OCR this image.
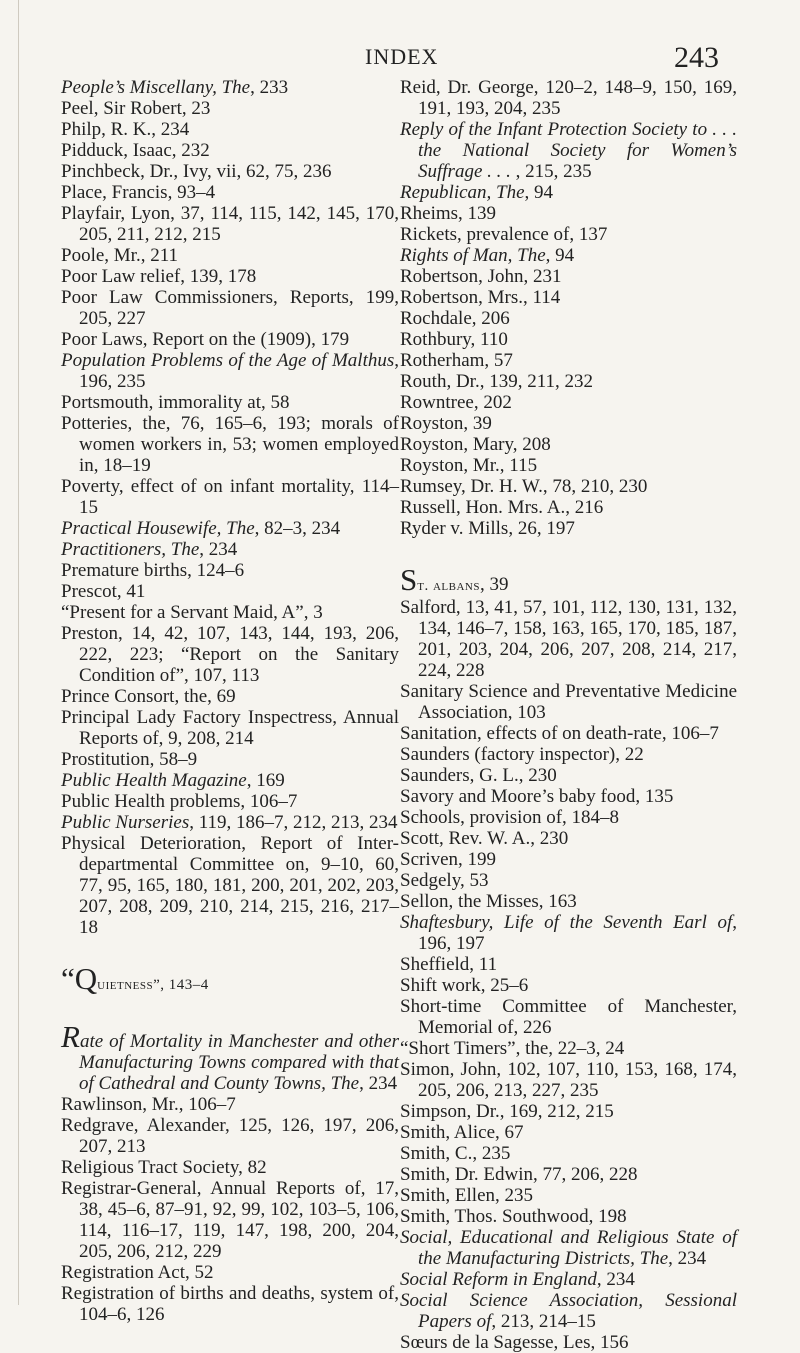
INDEX	243
People’s Miscellany, The, 233
Peel, Sir Robert, 23
Philp, R. K., 234
Pidduck, Isaac, 232
Pinchbeck, Dr., Ivy, vii, 62, 75, 236
Place, Francis, 93–4
Playfair, Lyon, 37, 114, 115, 142, 145, 170, 205, 211, 212, 215
Poole, Mr., 211
Poor Law relief, 139, 178
Poor Law Commissioners, Reports, 199, 205, 227
Poor Laws, Report on the (1909), 179
Population Problems of the Age of Malthus, 196, 235
Portsmouth, immorality at, 58
Potteries, the, 76, 165–6, 193; morals of women workers in, 53; women employed in, 18–19
Poverty, effect of on infant mortality, 114–15
Practical Housewife, The, 82–3, 234
Practitioners, The, 234
Premature births, 124–6
Prescot, 41
“Present for a Servant Maid, A”, 3
Preston, 14, 42, 107, 143, 144, 193, 206, 222, 223; “Report on the Sanitary Condition of”, 107, 113
Prince Consort, the, 69
Principal Lady Factory Inspectress, Annual Reports of, 9, 208, 214
Prostitution, 58–9
Public Health Magazine, 169
Public Health problems, 106–7
Public Nurseries, 119, 186–7, 212, 213, 234
Physical Deterioration, Report of Inter-departmental Committee on, 9–10, 60, 77, 95, 165, 180, 181, 200, 201, 202, 203, 207, 208, 209, 210, 214, 215, 216, 217–18
“Quietness”, 143–4
Rate of Mortality in Manchester and other Manufacturing Towns compared with that of Cathedral and County Towns, The, 234
Rawlinson, Mr., 106–7
Redgrave, Alexander, 125, 126, 197, 206, 207, 213
Religious Tract Society, 82
Registrar-General, Annual Reports of, 17, 38, 45–6, 87–91, 92, 99, 102, 103–5, 106, 114, 116–17, 119, 147, 198, 200, 204, 205, 206, 212, 229
Registration Act, 52
Registration of births and deaths, system of, 104–6, 126
Reid, Dr. George, 120–2, 148–9, 150, 169, 191, 193, 204, 235
Reply of the Infant Protection Society to . . . the National Society for Women’s Suffrage . . . , 215, 235
Republican, The, 94
Rheims, 139
Rickets, prevalence of, 137
Rights of Man, The, 94
Robertson, John, 231
Robertson, Mrs., 114
Rochdale, 206
Rothbury, 110
Rotherham, 57
Routh, Dr., 139, 211, 232
Rowntree, 202
Royston, 39
Royston, Mary, 208
Royston, Mr., 115
Rumsey, Dr. H. W., 78, 210, 230
Russell, Hon. Mrs. A., 216
Ryder v. Mills, 26, 197
St. albans, 39
Salford, 13, 41, 57, 101, 112, 130, 131, 132, 134, 146–7, 158, 163, 165, 170, 185, 187, 201, 203, 204, 206, 207, 208, 214, 217, 224, 228
Sanitary Science and Preventative Medicine Association, 103
Sanitation, effects of on death-rate, 106–7
Saunders (factory inspector), 22
Saunders, G. L., 230
Savory and Moore’s baby food, 135
Schools, provision of, 184–8
Scott, Rev. W. A., 230
Scriven, 199
Sedgely, 53
Sellon, the Misses, 163
Shaftesbury, Life of the Seventh Earl of, 196, 197
Sheffield, 11
Shift work, 25–6
Short-time Committee of Manchester, Memorial of, 226
“Short Timers”, the, 22–3, 24
Simon, John, 102, 107, 110, 153, 168, 174, 205, 206, 213, 227, 235
Simpson, Dr., 169, 212, 215
Smith, Alice, 67
Smith, C., 235
Smith, Dr. Edwin, 77, 206, 228
Smith, Ellen, 235
Smith, Thos. Southwood, 198
Social, Educational and Religious State of the Manufacturing Districts, The, 234
Social Reform in England, 234
Social Science Association, Sessional Papers of, 213, 214–15
Sœurs de la Sagesse, Les, 156
